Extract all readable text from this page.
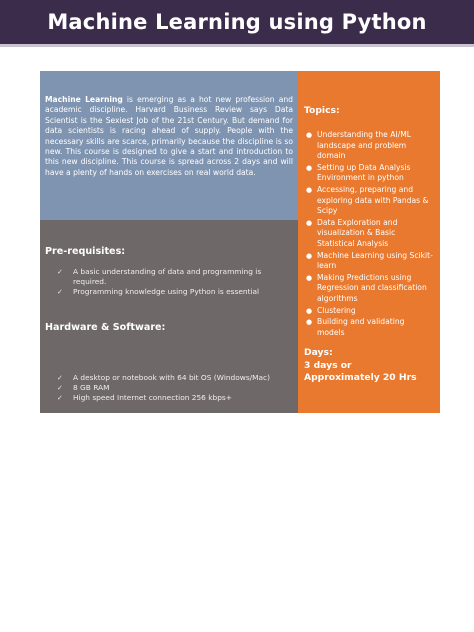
Machine Learning using Python
Machine Learning is emerging as a hot new profession and academic discipline. Harvard Business Review says Data Scientist is the Sexiest Job of the 21st Century. But demand for data scientists is racing ahead of supply. People with the necessary skills are scarce, primarily because the discipline is so new. This course is designed to give a start and introduction to this new discipline. This course is spread across 2 days and will have a plenty of hands on exercises on real world data.

Pre-requisites:

✓ A basic understanding of data and programming is required.
✓ Programming knowledge using Python is essential

Hardware & Software:

✓ A desktop or notebook with 64 bit OS (Windows/Mac)
✓ 8 GB RAM
✓ High speed Internet connection 256 kbps+

Topics:

● Understanding the AI/ML landscape and problem domain
● Setting up Data Analysis Environment in python
● Accessing, preparing and exploring data with Pandas & Scipy
● Data Exploration and visualization & Basic Statistical Analysis
● Machine Learning using Scikit-learn
● Making Predictions using Regression and classification algorithms
● Clustering
● Building and validating models
Days:
3 days or
Approximately 20 Hrs
